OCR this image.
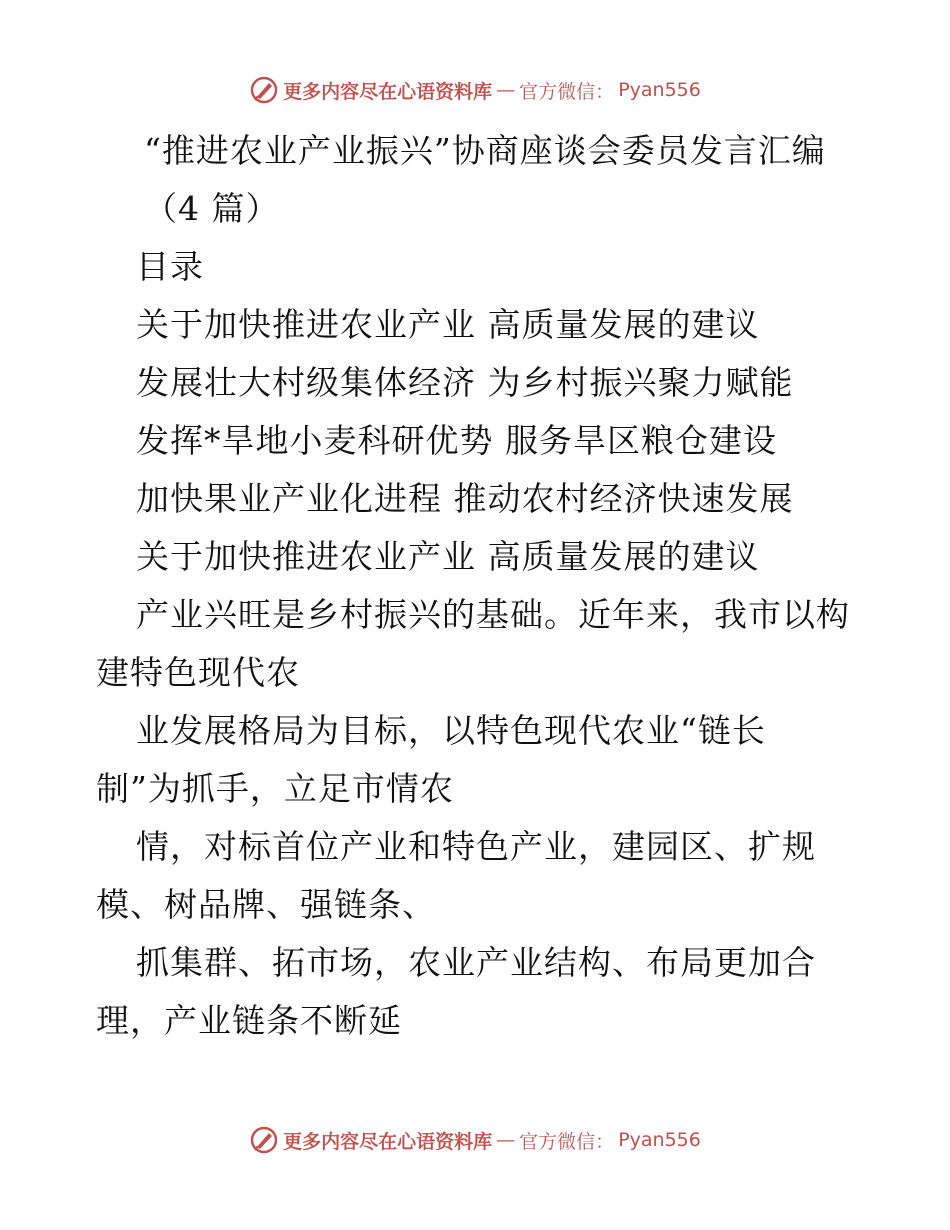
更多内容尽在心语资料库 — 官方微信： Pyan556
“推进农业产业振兴”协商座谈会委员发言汇编
（4 篇）
目录
关于加快推进农业产业 高质量发展的建议
发展壮大村级集体经济 为乡村振兴聚力赋能
发挥*旱地小麦科研优势 服务旱区粮仓建设
加快果业产业化进程 推动农村经济快速发展
关于加快推进农业产业 高质量发展的建议
产业兴旺是乡村振兴的基础。近年来，我市以构
建特色现代农
业发展格局为目标，以特色现代农业“链长
制”为抓手，立足市情农
情，对标首位产业和特色产业，建园区、扩规
模、树品牌、强链条、
抓集群、拓市场，农业产业结构、布局更加合
理，产业链条不断延
更多内容尽在心语资料库 — 官方微信： Pyan556
